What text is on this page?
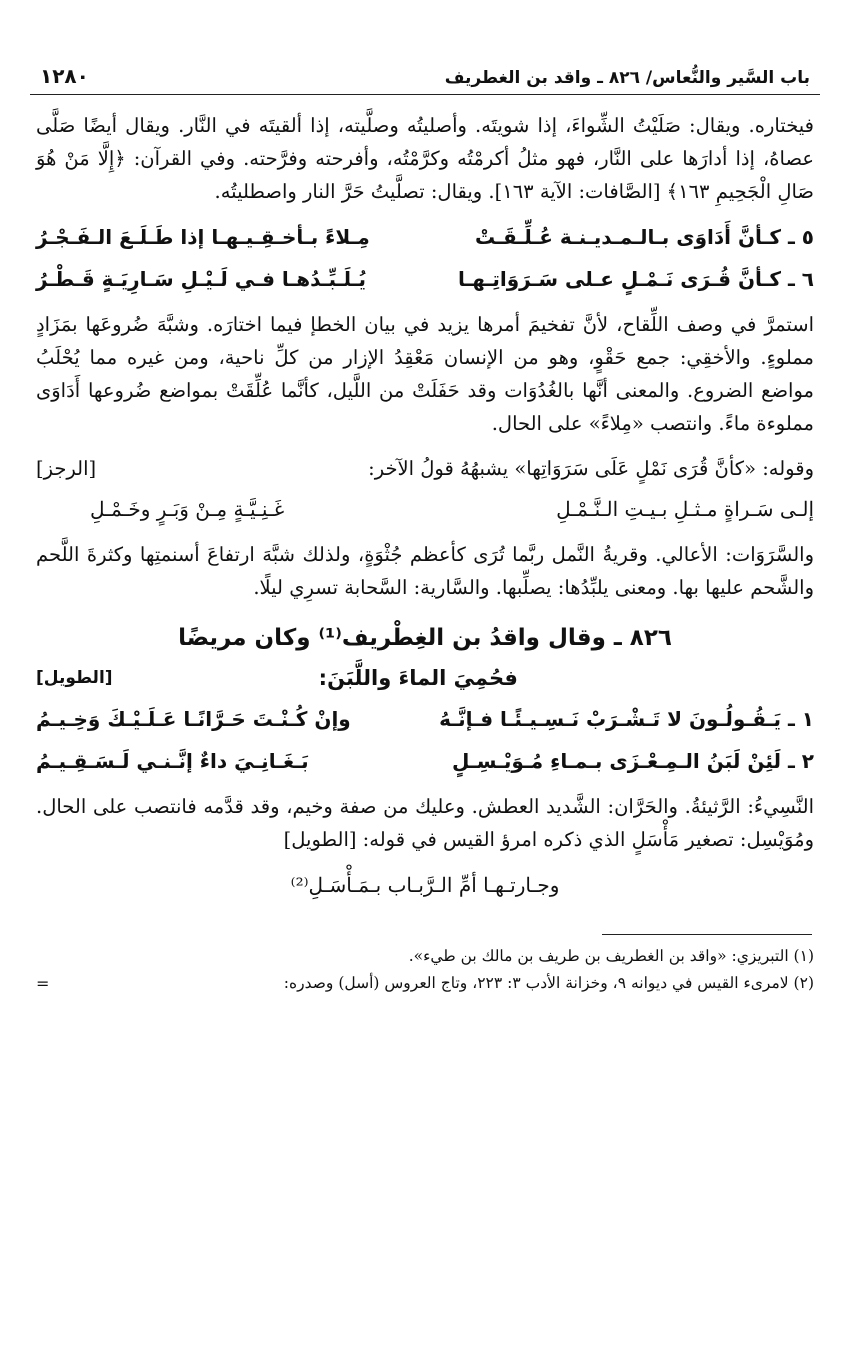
باب السَّير والنُّعاس/ ٨٢٦ ـ واقد بن الغطريف
١٢٨٠

فيختاره. ويقال: صَلَيْتُ الشِّواءَ، إذا شويتَه. وأصليتُه وصلَّيته، إذا ألقيتَه في النَّار. ويقال أيضًا صَلَّى عصاهُ، إذا أدارَها على النَّار، فهو مثلُ أكرمْتُه وكرَّمْتُه، وأفرحته وفرَّحته. وفي القرآن: ﴿إِلَّا مَنْ هُوَ صَالِ الْجَحِيمِ ١٦٣﴾ [الصَّافات: الآية ١٦٣]. ويقال: تصلَّيتُ حَرَّ النار واصطليتُه.

٥ ـ كـأنَّ أَدَاوَى بـالـمـديـنـة عُـلِّـقَـتْ
مِـلاءً بـأخـقِـيـهـا إذا طَـلَـعَ الـفَـجْـرُ
٦ ـ كـأنَّ قُـرَى نَـمْـلٍ عـلى سَـرَوَاتِـهـا
يُـلَـبِّـدُهـا فـي لَـيْـلِ سَـارِيَـةٍ قَـطْـرُ

استمرَّ في وصف اللِّقاح، لأنَّ تفخيمَ أمرها يزيد في بيان الخطإ فيما اختارَه. وشبَّهَ ضُروعَها بمَزَادٍ مملوءٍ. والأخقِي: جمع حَقْوٍ، وهو من الإنسان مَعْقِدُ الإزار من كلِّ ناحية، ومن غيره مما يُحْلَبُ مواضع الضروع. والمعنى أنَّها بالغُدُوَات وقد حَفَلَتْ من اللَّيل، كأنَّما عُلِّقَتْ بمواضع ضُروعها أَدَاوَى مملوءة ماءً. وانتصب «مِلاءً» على الحال.

وقوله: «كأنَّ قُرَى نَمْلٍ عَلَى سَرَوَاتِها» يشبهُهُ قولُ الآخر:
[الرجز]
إلـى سَـراةٍ مـثـلِ بـيـتِ الـنَّـمْـلِ
غَـنِـيَّـةٍ مِـنْ وَبَـرٍ وخَـمْـلِ

والسَّرَوَات: الأعالي. وقريةُ النَّمل ربَّما تُرَى كأعظم جُثْوَةٍ، ولذلك شبَّهَ ارتفاعَ أسنمتِها وكثرةَ اللَّحم والشَّحم عليها بها. ومعنى يلبِّدُها: يصلِّبها. والسَّارية: السَّحابة تسرِي ليلًا.

٨٢٦ ـ وقال واقدُ بن الغِطْريف⁽¹⁾ وكان مريضًا
فحُمِيَ الماءَ واللَّبَنَ:
[الطويل]
١ ـ يَـقُـولُـونَ لا تَـشْـرَبْ نَـسِـيـئًـا فـإنَّـهُ
وإنْ كُـنْـتَ حَـرَّانًـا عَـلَـيْـكَ وَخِـيـمُ
٢ ـ لَئِنْ لَبَنُ الـمِـعْـزَى بـمـاءِ مُـوَيْـسِـلٍ
بَـغَـانِـيَ داءٌ إنَّـنـي لَـسَـقِـيـمُ

النَّسِيءُ: الرَّثيئةُ. والحَرَّان: الشَّديد العطش. وعليك من صفة وخيم، وقد قدَّمه فانتصب على الحال. ومُوَيْسِل: تصغير مَأْسَلٍ الذي ذكره امرؤ القيس في قوله: [الطويل]

وجـارتـهـا أمِّ الـرَّبـاب بـمَـأْسَـلِ⁽²⁾
(١) التبريزي: «واقد بن الغطريف بن طريف بن مالك بن طيء».
(٢) لامرىء القيس في ديوانه ٩، وخزانة الأدب ٣: ٢٢٣، وتاج العروس (أسل) وصدره:
=
